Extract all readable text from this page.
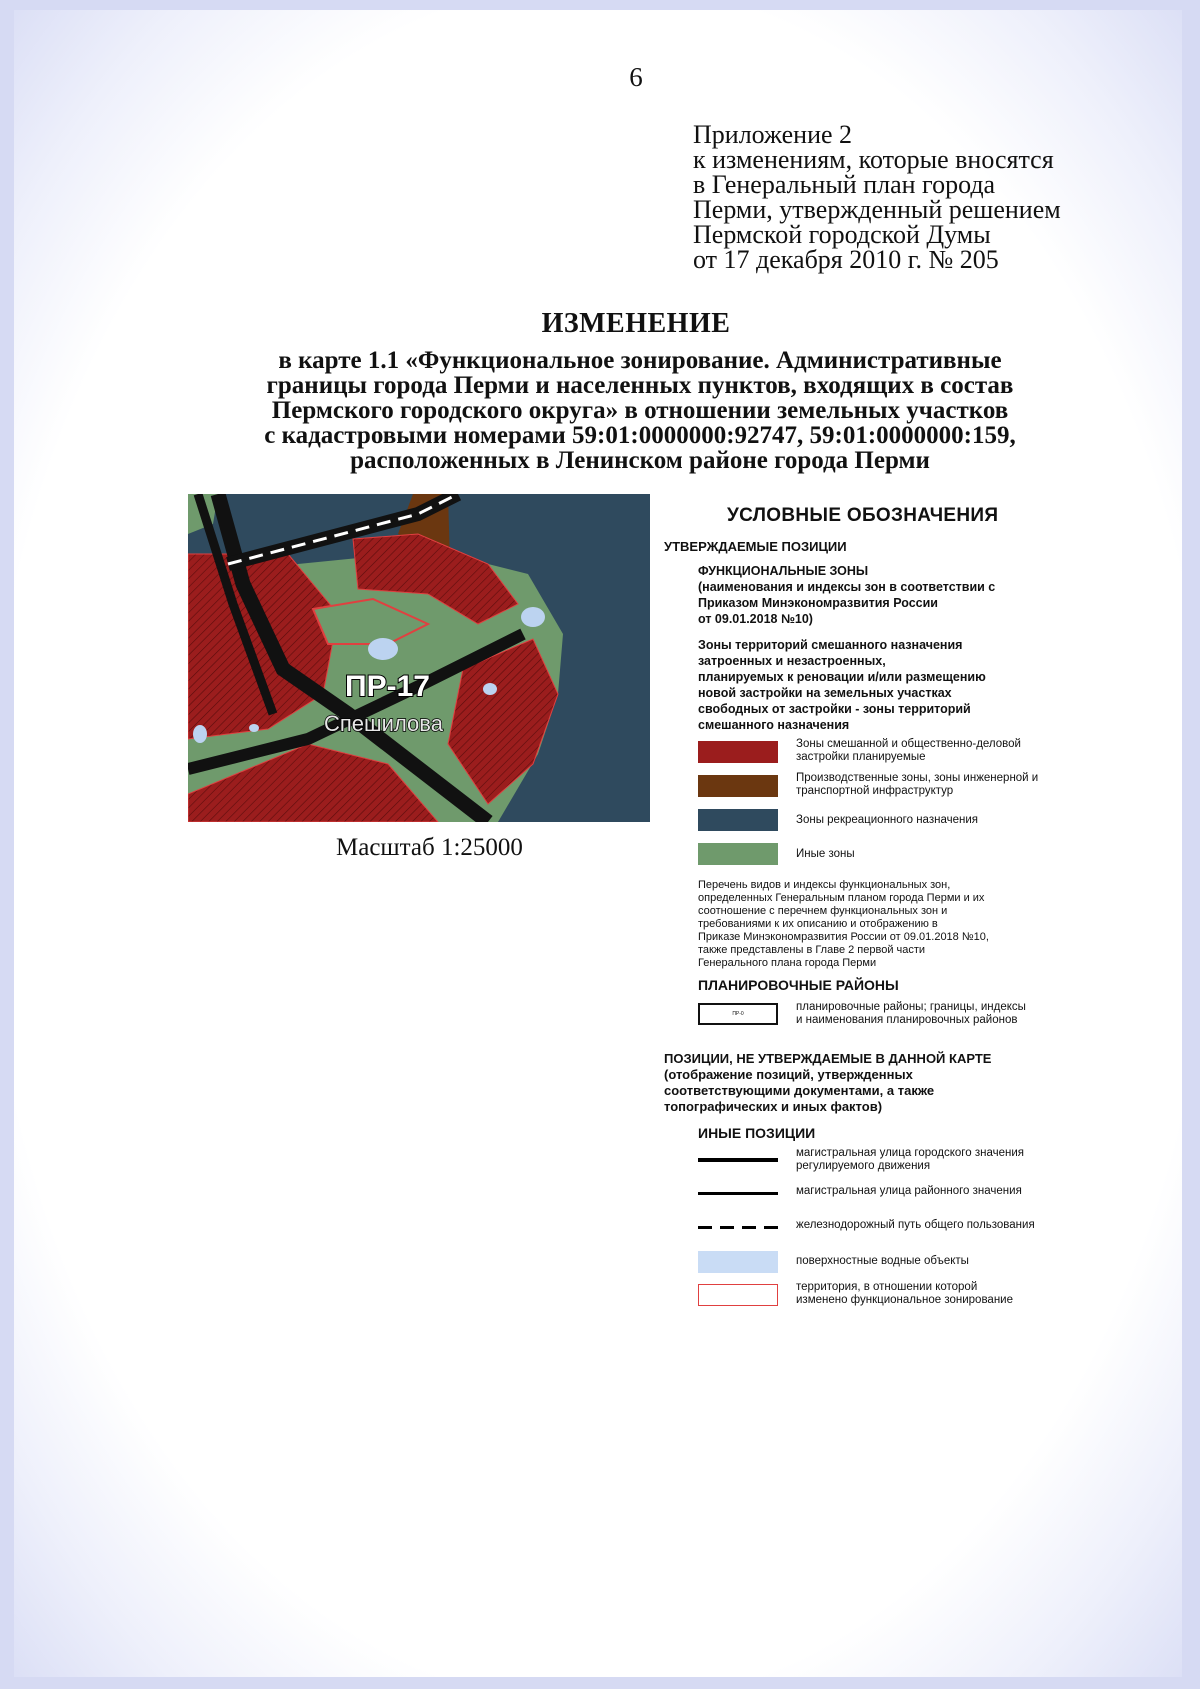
6
Приложение 2
к изменениям, которые вносятся
в Генеральный план города
Перми, утвержденный решением
Пермской городской Думы
от 17 декабря 2010 г. № 205
ИЗМЕНЕНИЕ
в карте 1.1 «Функциональное зонирование. Административные
границы города Перми и населенных пунктов, входящих в состав
Пермского городского округа» в отношении земельных участков
с кадастровыми номерами 59:01:0000000:92747, 59:01:0000000:159,
расположенных в Ленинском районе города Перми
ПР-17
Спешилова
Масштаб 1:25000
УСЛОВНЫЕ ОБОЗНАЧЕНИЯ
УТВЕРЖДАЕМЫЕ ПОЗИЦИИ
ФУНКЦИОНАЛЬНЫЕ ЗОНЫ
(наименования и индексы зон в соответствии с
Приказом Минэкономразвития России
от 09.01.2018 №10)
Зоны территорий смешанного назначения
затроенных и незастроенных,
планируемых к реновации и/или размещению
новой застройки на земельных участках
свободных от застройки - зоны территорий
смешанного назначения
Зоны смешанной и общественно-деловой
застройки планируемые
Производственные зоны, зоны инженерной и
транспортной инфраструктур
Зоны рекреационного назначения
Иные зоны
Перечень видов и индексы функциональных зон,
определенных Генеральным планом города Перми и их
соотношение с перечнем функциональных зон и
требованиями к их описанию и отображению в
Приказе Минэкономразвития России от 09.01.2018 №10,
также представлены в Главе 2 первой части
Генерального плана города Перми
ПЛАНИРОВОЧНЫЕ РАЙОНЫ
ПР-0
планировочные районы; границы, индексы
и наименования планировочных районов
ПОЗИЦИИ, НЕ УТВЕРЖДАЕМЫЕ В ДАННОЙ КАРТЕ
(отображение позиций, утвержденных
соответствующими документами, а также
топографических и иных фактов)
ИНЫЕ ПОЗИЦИИ
магистральная улица городского значения
регулируемого движения
магистральная улица районного значения
железнодорожный путь общего пользования
поверхностные водные объекты
территория, в отношении которой
изменено функциональное зонирование
